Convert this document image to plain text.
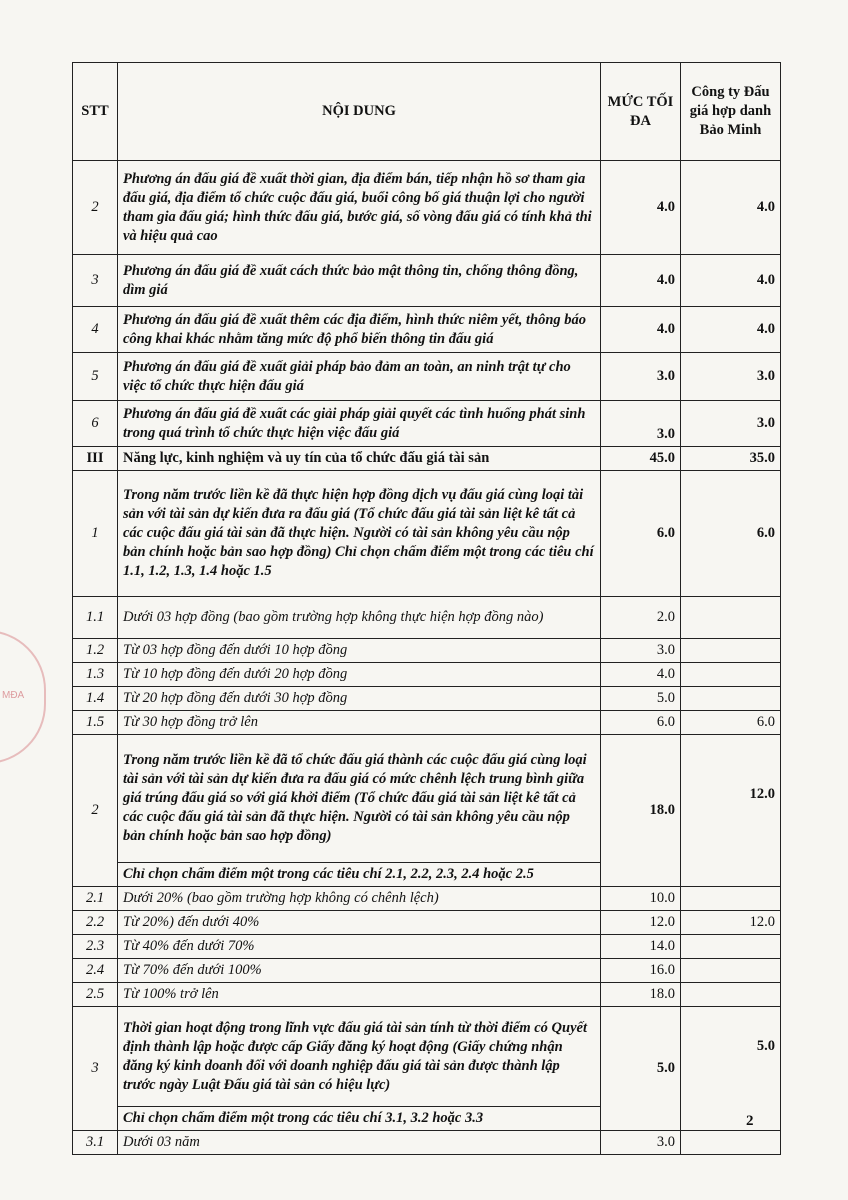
STT	NỘI DUNG	MỨC TỐI ĐA	Công ty Đấu giá hợp danh Bảo Minh
2	Phương án đấu giá đề xuất thời gian, địa điểm bán, tiếp nhận hồ sơ tham gia đấu giá, địa điểm tổ chức cuộc đấu giá, buổi công bố giá thuận lợi cho người tham gia đấu giá; hình thức đấu giá, bước giá, số vòng đấu giá có tính khả thi và hiệu quả cao	4.0	4.0
3	Phương án đấu giá đề xuất cách thức bảo mật thông tin, chống thông đồng, dìm giá	4.0	4.0
4	Phương án đấu giá đề xuất thêm các địa điểm, hình thức niêm yết, thông báo công khai khác nhằm tăng mức độ phổ biến thông tin đấu giá	4.0	4.0
5	Phương án đấu giá đề xuất giải pháp bảo đảm an toàn, an ninh trật tự cho việc tổ chức thực hiện đấu giá	3.0	3.0
6	Phương án đấu giá đề xuất các giải pháp giải quyết các tình huống phát sinh trong quá trình tổ chức thực hiện việc đấu giá	3.0	3.0
III	Năng lực, kinh nghiệm và uy tín của tổ chức đấu giá tài sản	45.0	35.0
1	Trong năm trước liền kề đã thực hiện hợp đồng dịch vụ đấu giá cùng loại tài sản với tài sản dự kiến đưa ra đấu giá (Tổ chức đấu giá tài sản liệt kê tất cả các cuộc đấu giá tài sản đã thực hiện. Người có tài sản không yêu cầu nộp bản chính hoặc bản sao hợp đồng) Chỉ chọn chấm điểm một trong các tiêu chí 1.1, 1.2, 1.3, 1.4 hoặc 1.5	6.0	6.0
1.1	Dưới 03 hợp đồng (bao gồm trường hợp không thực hiện hợp đồng nào)	2.0	
1.2	Từ 03 hợp đồng đến dưới 10 hợp đồng	3.0	
1.3	Từ 10 hợp đồng đến dưới 20 hợp đồng	4.0	
1.4	Từ 20 hợp đồng đến dưới 30 hợp đồng	5.0	
1.5	Từ 30 hợp đồng trở lên	6.0	6.0
2	Trong năm trước liền kề đã tổ chức đấu giá thành các cuộc đấu giá cùng loại tài sản với tài sản dự kiến đưa ra đấu giá có mức chênh lệch trung bình giữa giá trúng đấu giá so với giá khởi điểm (Tổ chức đấu giá tài sản liệt kê tất cả các cuộc đấu giá tài sản đã thực hiện. Người có tài sản không yêu cầu nộp bản chính hoặc bản sao hợp đồng)	18.0	12.0
	Chỉ chọn chấm điểm một trong các tiêu chí 2.1, 2.2, 2.3, 2.4 hoặc 2.5		
2.1	Dưới 20% (bao gồm trường hợp không có chênh lệch)	10.0	
2.2	Từ 20%) đến dưới 40%	12.0	12.0
2.3	Từ 40% đến dưới 70%	14.0	
2.4	Từ 70% đến dưới 100%	16.0	
2.5	Từ 100% trở lên	18.0	
3	Thời gian hoạt động trong lĩnh vực đấu giá tài sản tính từ thời điểm có Quyết định thành lập hoặc được cấp Giấy đăng ký hoạt động (Giấy chứng nhận đăng ký kinh doanh đối với doanh nghiệp đấu giá tài sản được thành lập trước ngày Luật Đấu giá tài sản có hiệu lực)	5.0	5.0
	Chỉ chọn chấm điểm một trong các tiêu chí 3.1, 3.2 hoặc 3.3		
3.1	Dưới 03 năm	3.0	
MĐA
2
